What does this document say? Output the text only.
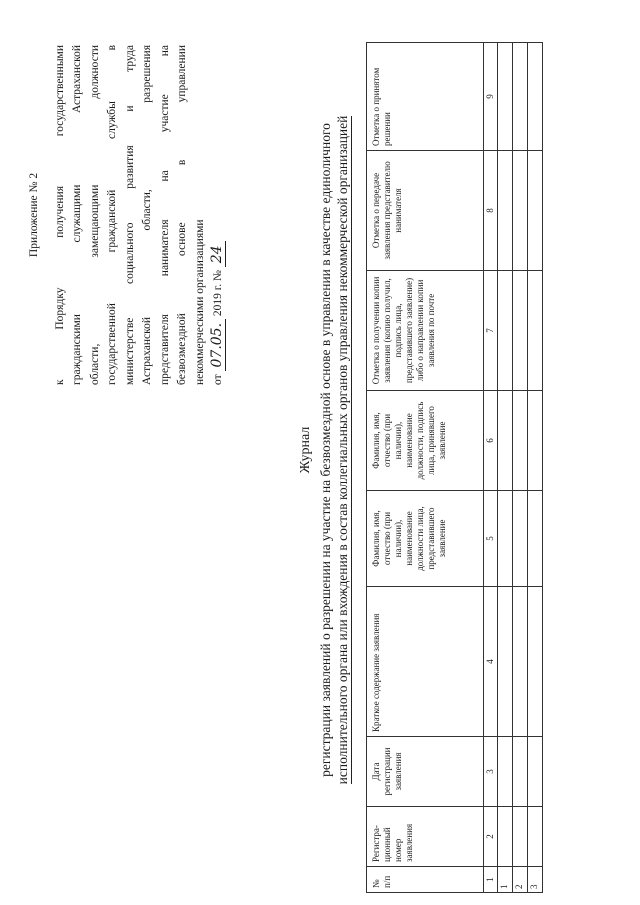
Приложение № 2	к Порядку получения государственными гражданскими служащими Астраханской области, замещающими должности государственной гражданской службы в министерстве социального развития и труда Астраханской области, разрешения представителя нанимателя на участие на безвозмездной основе в управлении некоммерческими организациями от 07.05. 2019 г. № 24
Журнал регистрации заявлений о разрешении на участие на безвозмездной основе в управлении в качестве единоличного исполнительного органа или вхождения в состав коллегиальных органов управления некоммерческой организацией
№ п/п	Регистра-ционный номер заявления	Дата регистрации заявления	Краткое содержание заявления	Фамилия, имя, отчество (при наличии), наименование должности лица, представившего заявление	Фамилия, имя, отчество (при наличии), наименование должности, подпись лица, принявшего заявление	Отметка о получении копии заявления (копию получил, подпись лица, представившего заявление) либо о направлении копии заявления по почте	Отметка о передаче заявления представителю нанимателя	Отметка о принятом решении
1	2	3	4	5	6	7	8	9
1								
2								
3								
